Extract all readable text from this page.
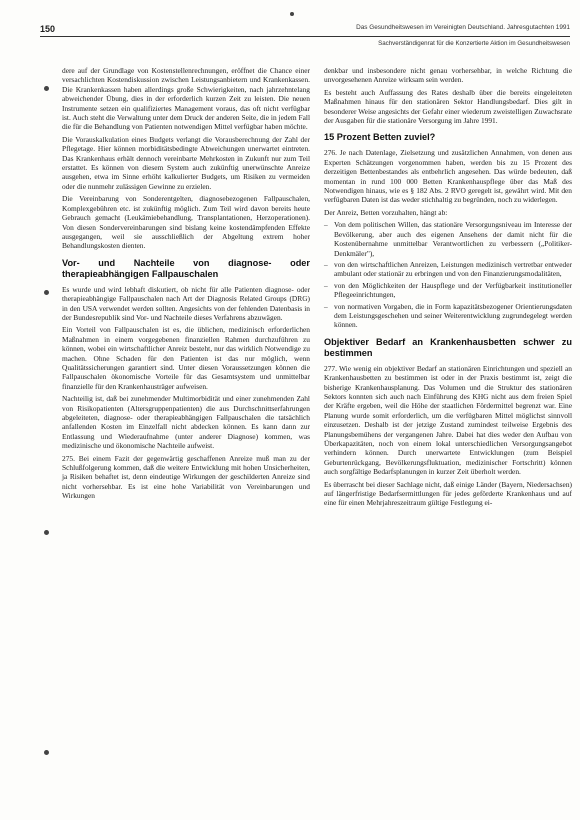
150	Das Gesundheitswesen im Vereinigten Deutschland. Jahresgutachten 1991
Sachverständigenrat für die Konzertierte Aktion im Gesundheitswesen

dere auf der Grundlage von Kostenstellenrechnungen, eröffnet die Chance einer versachlichten Kostendiskussion zwischen Leistungsanbietern und Krankenkassen. Die Krankenkassen haben allerdings große Schwierigkeiten, nach jahrzehntelang abweichender Übung, dies in der erforderlich kurzen Zeit zu leisten. Die neuen Instrumente setzen ein qualifiziertes Management voraus, das oft nicht verfügbar ist. Auch steht die Verwaltung unter dem Druck der anderen Seite, die in jedem Fall die für die Behandlung von Patienten notwendigen Mittel verfügbar haben möchte.

Die Vorauskalkulation eines Budgets verlangt die Vorausberechnung der Zahl der Pflegetage. Hier können morbiditätsbedingte Abweichungen unerwartet eintreten. Das Krankenhaus erhält dennoch vereinbarte Mehrkosten in Zukunft nur zum Teil erstattet. Es können von diesem System auch zukünftig unerwünschte Anreize ausgehen, etwa im Sinne erhöht kalkulierter Budgets, um Risiken zu vermeiden oder die nunmehr zulässigen Gewinne zu erzielen.

Die Vereinbarung von Sonderentgelten, diagnosebezogenen Fallpauschalen, Komplexgebühren etc. ist zukünftig möglich. Zum Teil wird davon bereits heute Gebrauch gemacht (Leukämiebehandlung, Transplantationen, Herzoperationen). Von diesen Sondervereinbarungen sind bislang keine kostendämpfenden Effekte ausgegangen, weil sie ausschließlich der Abgeltung extrem hoher Behandlungskosten dienten.

Vor- und Nachteile von diagnose- oder therapieabhängigen Fallpauschalen

Es wurde und wird lebhaft diskutiert, ob nicht für alle Patienten diagnose- oder therapieabhängige Fallpauschalen nach Art der Diagnosis Related Groups (DRG) in den USA verwendet werden sollten. Angesichts von der fehlenden Datenbasis in der Bundesrepublik sind Vor- und Nachteile dieses Verfahrens abzuwägen.

Ein Vorteil von Fallpauschalen ist es, die üblichen, medizinisch erforderlichen Maßnahmen in einem vorgegebenen finanziellen Rahmen durchzuführen zu können, wobei ein wirtschaftlicher Anreiz besteht, nur das wirklich Notwendige zu machen. Ohne Schaden für den Patienten ist das nur möglich, wenn Qualitätssicherungen garantiert sind. Unter diesen Voraussetzungen können die Fallpauschalen ökonomische Vorteile für das Gesamtsystem und unmittelbar finanzielle für den Krankenhausträger aufweisen.

Nachteilig ist, daß bei zunehmender Multimorbidität und einer zunehmenden Zahl von Risikopatienten (Altersgruppenpatienten) die aus Durchschnittserfahrungen abgeleiteten, diagnose- oder therapieabhängigen Fallpauschalen die tatsächlich anfallenden Kosten im Einzelfall nicht abdecken können. Es kann dann zur Entlassung und Wiederaufnahme (unter anderer Diagnose) kommen, was medizinische und ökonomische Nachteile aufweist.

275. Bei einem Fazit der gegenwärtig geschaffenen Anreize muß man zu der Schlußfolgerung kommen, daß die weitere Entwicklung mit hohen Unsicherheiten, ja Risiken behaftet ist, denn eindeutige Wirkungen der geschilderten Anreize sind nicht vorhersehbar. Es ist eine hohe Variabilität von Vereinbarungen und Wirkungen

denkbar und insbesondere nicht genau vorhersehbar, in welche Richtung die unvorgesehenen Anreize wirksam sein werden.

Es besteht auch Auffassung des Rates deshalb über die bereits eingeleiteten Maßnahmen hinaus für den stationären Sektor Handlungsbedarf. Dies gilt in besonderer Weise angesichts der Gefahr einer wiederum zweistelligen Zuwachsrate der Ausgaben für die stationäre Versorgung im Jahre 1991.

15 Prozent Betten zuviel?

276. Je nach Datenlage, Zielsetzung und zusätzlichen Annahmen, von denen aus Experten Schätzungen vorgenommen haben, werden bis zu 15 Prozent des derzeitigen Bettenbestandes als entbehrlich angesehen. Das würde bedeuten, daß momentan in rund 100 000 Betten Krankenhauspflege über das Maß des Notwendigen hinaus, wie es § 182 Abs. 2 RVO geregelt ist, gewährt wird. Mit den verfügbaren Daten ist das weder stichhaltig zu begründen, noch zu widerlegen.

Der Anreiz, Betten vorzuhalten, hängt ab:

– Von dem politischen Willen, das stationäre Versorgungsniveau im Interesse der Bevölkerung, aber auch des eigenen Ansehens der damit nicht für die Kostenübernahme unmittelbar Verantwortlichen zu verbessern („Politiker-Denkmäler"),
– von den wirtschaftlichen Anreizen, Leistungen medizinisch vertretbar entweder ambulant oder stationär zu erbringen und von den Finanzierungsmodalitäten,
– von den Möglichkeiten der Hauspflege und der Verfügbarkeit institutioneller Pflegeeinrichtungen,
– von normativen Vorgaben, die in Form kapazitätsbezogener Orientierungsdaten dem Leistungsgeschehen und seiner Weiterentwicklung zugrundegelegt werden können.
Objektiver Bedarf an Krankenhausbetten schwer zu bestimmen

277. Wie wenig ein objektiver Bedarf an stationären Einrichtungen und speziell an Krankenhausbetten zu bestimmen ist oder in der Praxis bestimmt ist, zeigt die bisherige Krankenhausplanung. Das Volumen und die Struktur des stationären Sektors konnten sich auch nach Einführung des KHG nicht aus dem freien Spiel der Kräfte ergeben, weil die Höhe der staatlichen Fördermittel begrenzt war. Eine Planung wurde somit erforderlich, um die verfügbaren Mittel möglichst sinnvoll einzusetzen. Deshalb ist der jetzige Zustand zumindest teilweise Ergebnis des Planungsbemühens der vergangenen Jahre. Dabei hat dies weder den Aufbau von Überkapazitäten, noch von einem lokal unterschiedlichen Versorgungsangebot verhindern können. Durch unerwartete Entwicklungen (zum Beispiel Geburtenrückgang, Bevölkerungsfluktuation, medizinischer Fortschritt) können auch sorgfältige Bedarfsplanungen in kurzer Zeit überholt werden.

Es überrascht bei dieser Sachlage nicht, daß einige Länder (Bayern, Niedersachsen) auf längerfristige Bedarfsermittlungen für jedes geförderte Krankenhaus und auf eine für einen Mehrjahreszeitraum gültige Festlegung ei-
